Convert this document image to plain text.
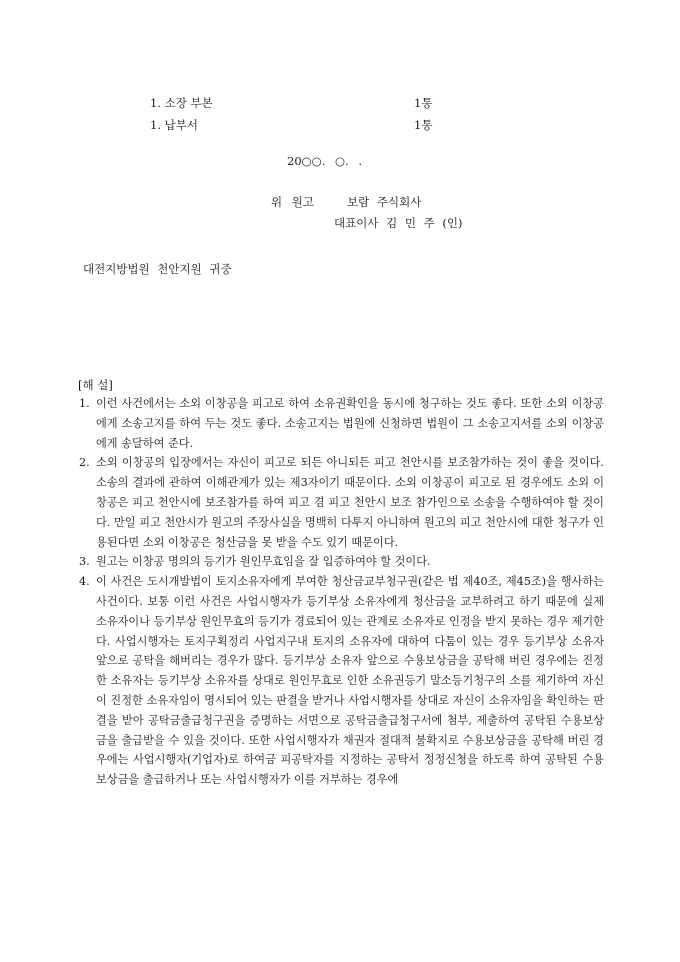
1. 소장 부본	1통
1. 납부서	1통
20○○. ○. .
위 원고	보람 주식회사
대표이사 김 민 주 (인)
대전지방법원 천안지원 귀중
[해 설]
1. 이런 사건에서는 소외 이창공을 피고로 하여 소유권확인을 동시에 청구하는 것도 좋다. 또한 소외 이창공에게 소송고지를 하여 두는 것도 좋다. 소송고지는 법원에 신청하면 법원이 그 소송고지서를 소외 이창공에게 송달하여 준다.
2. 소외 이창공의 입장에서는 자신이 피고로 되든 아니되든 피고 천안시를 보조참가하는 것이 좋을 것이다. 소송의 결과에 관하여 이해관계가 있는 제3자이기 때문이다. 소외 이창공이 피고로 된 경우에도 소외 이창공은 피고 천안시에 보조참가를 하여 피고 겸 피고 천안시 보조 참가인으로 소송을 수행하여야 할 것이다. 만일 피고 천안시가 원고의 주장사실을 명백히 다투지 아니하여 원고의 피고 천안시에 대한 청구가 인용된다면 소외 이창공은 청산금을 못 받을 수도 있기 때문이다.
3. 원고는 이창공 명의의 등기가 원인무효임을 잘 입증하여야 할 것이다.
4. 이 사건은 도시개발법이 토지소유자에게 부여한 청산금교부청구권(같은 법 제40조, 제45조)을 행사하는 사건이다. 보통 이런 사건은 사업시행자가 등기부상 소유자에게 청산금을 교부하려고 하기 때문에 실제 소유자이나 등기부상 원인무효의 등기가 경료되어 있는 관계로 소유자로 인정을 받지 못하는 경우 제기한다. 사업시행자는 토지구획정리 사업지구내 토지의 소유자에 대하여 다툼이 있는 경우 등기부상 소유자 앞으로 공탁을 해버리는 경우가 많다. 등기부상 소유자 앞으로 수용보상금을 공탁해 버린 경우에는 진정한 소유자는 등기부상 소유자를 상대로 원인무효로 인한 소유권등기 말소등기청구의 소를 제기하여 자신이 진정한 소유자임이 명시되어 있는 판결을 받거나 사업시행자를 상대로 자신이 소유자임을 확인하는 판결을 받아 공탁금출급청구권을 증명하는 서면으로 공탁금출급청구서에 첨부, 제출하여 공탁된 수용보상금을 출급받을 수 있을 것이다. 또한 사업시행자가 채권자 절대적 불확지로 수용보상금을 공탁해 버린 경우에는 사업시행자(기업자)로 하여금 피공탁자를 지정하는 공탁서 정정신청을 하도록 하여 공탁된 수용보상금을 출급하거나 또는 사업시행자가 이를 거부하는 경우에
